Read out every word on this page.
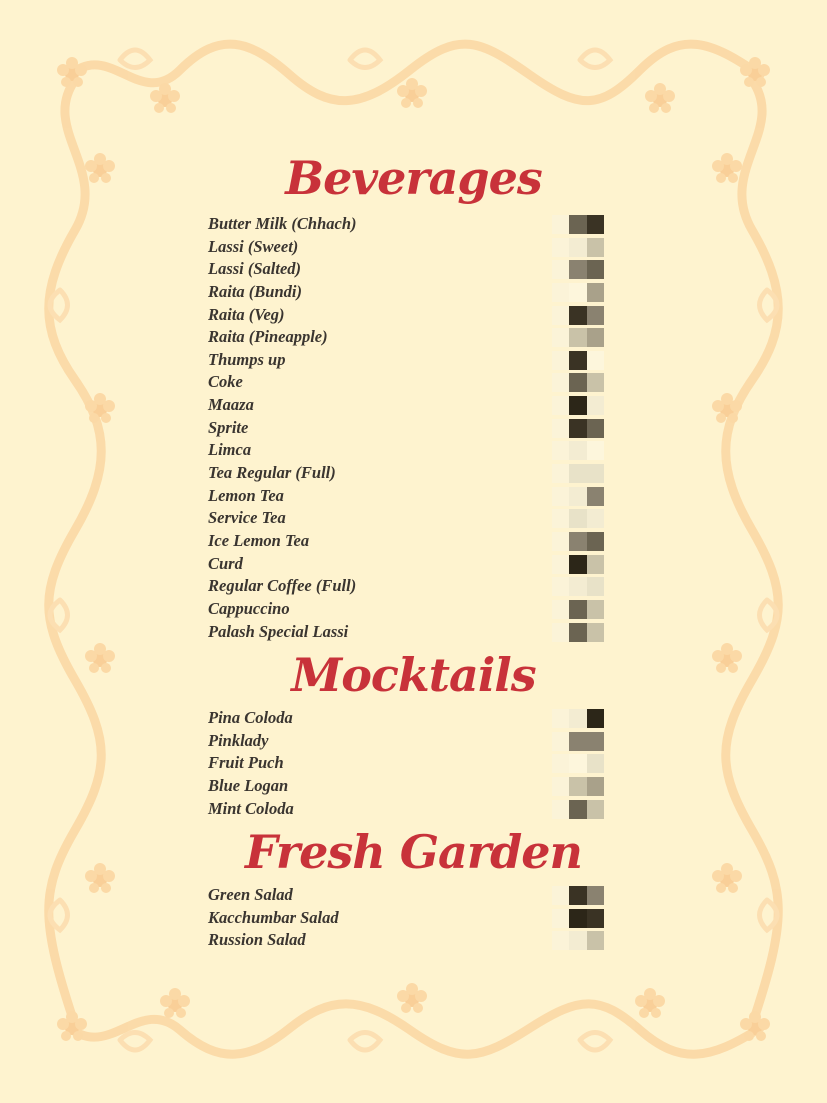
Beverages
Butter Milk (Chhach)
Lassi (Sweet)
Lassi (Salted)
Raita (Bundi)
Raita (Veg)
Raita (Pineapple)
Thumps up
Coke
Maaza
Sprite
Limca
Tea Regular (Full)
Lemon Tea
Service Tea
Ice Lemon Tea
Curd
Regular Coffee (Full)
Cappuccino
Palash Special Lassi
Mocktails
Pina Coloda
Pinklady
Fruit Puch
Blue Logan
Mint Coloda
Fresh Garden
Green Salad
Kacchumbar Salad
Russion Salad
